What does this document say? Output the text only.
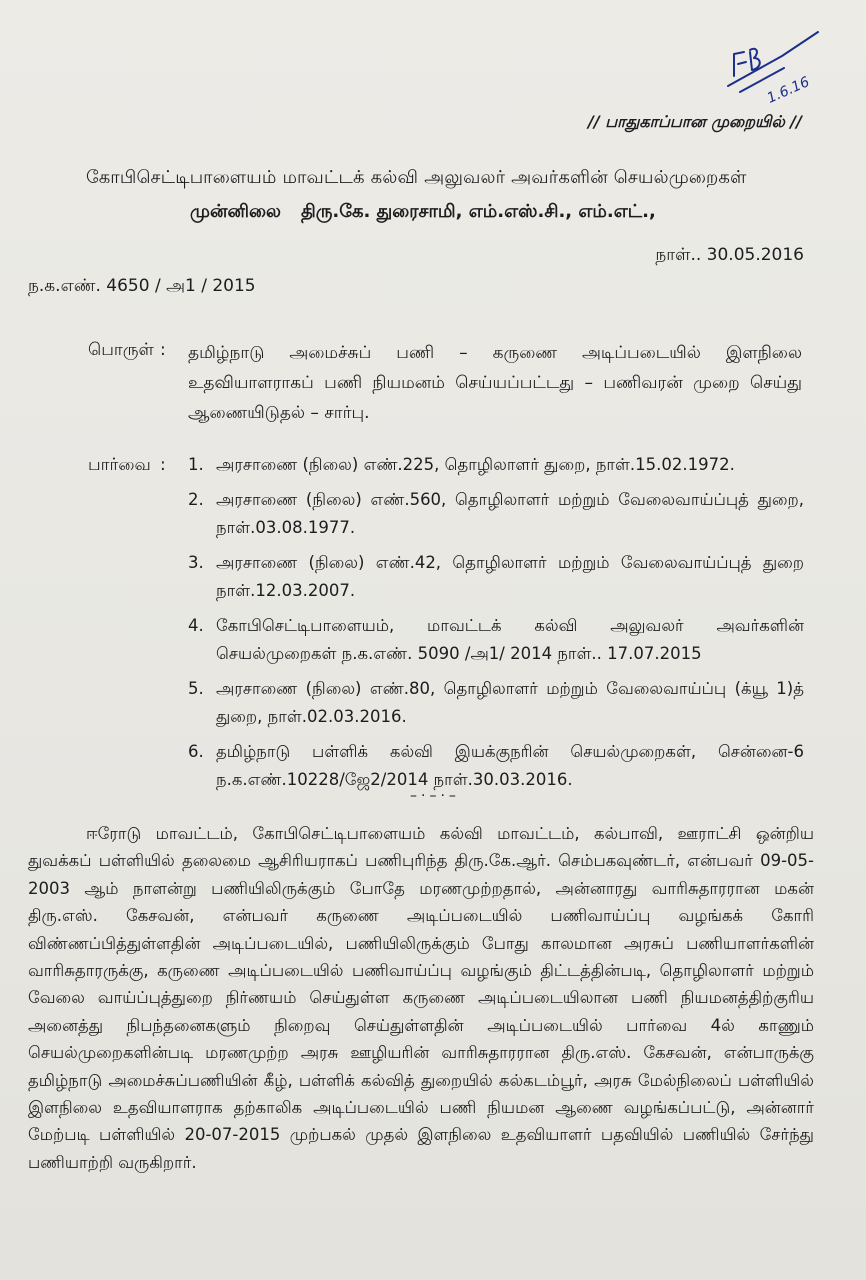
1.6.16
// பாதுகாப்பான முறையில் //
கோபிசெட்டிபாளையம் மாவட்டக் கல்வி அலுவலர் அவர்களின் செயல்முறைகள்
முன்னிலை திரு.கே. துரைசாமி, எம்.எஸ்.சி., எம்.எட்.,
நாள்.. 30.05.2016
ந.க.எண். 4650 / அ1 / 2015
பொருள் : தமிழ்நாடு அமைச்சுப் பணி – கருணை அடிப்படையில் இளநிலை உதவியாளராகப் பணி நியமனம் செய்யப்பட்டது – பணிவரன் முறை செய்து ஆணையிடுதல் – சார்பு.
பார்வை : 1. அரசாணை (நிலை) எண்.225, தொழிலாளர் துறை, நாள்.15.02.1972.
2. அரசாணை (நிலை) எண்.560, தொழிலாளர் மற்றும் வேலைவாய்ப்புத் துறை, நாள்.03.08.1977.
3. அரசாணை (நிலை) எண்.42, தொழிலாளர் மற்றும் வேலைவாய்ப்புத் துறை நாள்.12.03.2007.
4. கோபிசெட்டிபாளையம், மாவட்டக் கல்வி அலுவலர் அவர்களின் செயல்முறைகள் ந.க.எண். 5090 /அ1/ 2014 நாள்.. 17.07.2015
5. அரசாணை (நிலை) எண்.80, தொழிலாளர் மற்றும் வேலைவாய்ப்பு (க்யூ 1)த் துறை, நாள்.02.03.2016.
6. தமிழ்நாடு பள்ளிக் கல்வி இயக்குநரின் செயல்முறைகள், சென்னை-6 ந.க.எண்.10228/ஜே2/2014 நாள்.30.03.2016.
–·–·–
ஈரோடு மாவட்டம், கோபிசெட்டிபாளையம் கல்வி மாவட்டம், கல்பாவி, ஊராட்சி ஒன்றிய துவக்கப் பள்ளியில் தலைமை ஆசிரியராகப் பணிபுரிந்த திரு.கே.ஆர். செம்பகவுண்டர், என்பவர் 09-05-2003 ஆம் நாளன்று பணியிலிருக்கும் போதே மரணமுற்றதால், அன்னாரது வாரிசுதாரரான மகன் திரு.எஸ். கேசவன், என்பவர் கருணை அடிப்படையில் பணிவாய்ப்பு வழங்கக் கோரி விண்ணப்பித்துள்ளதின் அடிப்படையில், பணியிலிருக்கும் போது காலமான அரசுப் பணியாளர்களின் வாரிசுதாரருக்கு, கருணை அடிப்படையில் பணிவாய்ப்பு வழங்கும் திட்டத்தின்படி, தொழிலாளர் மற்றும் வேலை வாய்ப்புத்துறை நிர்ணயம் செய்துள்ள கருணை அடிப்படையிலான பணி நியமனத்திற்குரிய அனைத்து நிபந்தனைகளும் நிறைவு செய்துள்ளதின் அடிப்படையில் பார்வை 4ல் காணும் செயல்முறைகளின்படி மரணமுற்ற அரசு ஊழியரின் வாரிசுதாரரான திரு.எஸ். கேசவன், என்பாருக்கு தமிழ்நாடு அமைச்சுப்பணியின் கீழ், பள்ளிக் கல்வித் துறையில் கல்கடம்பூர், அரசு மேல்நிலைப் பள்ளியில் இளநிலை உதவியாளராக தற்காலிக அடிப்படையில் பணி நியமன ஆணை வழங்கப்பட்டு, அன்னார் மேற்படி பள்ளியில் 20-07-2015 முற்பகல் முதல் இளநிலை உதவியாளர் பதவியில் பணியில் சேர்ந்து பணியாற்றி வருகிறார்.
